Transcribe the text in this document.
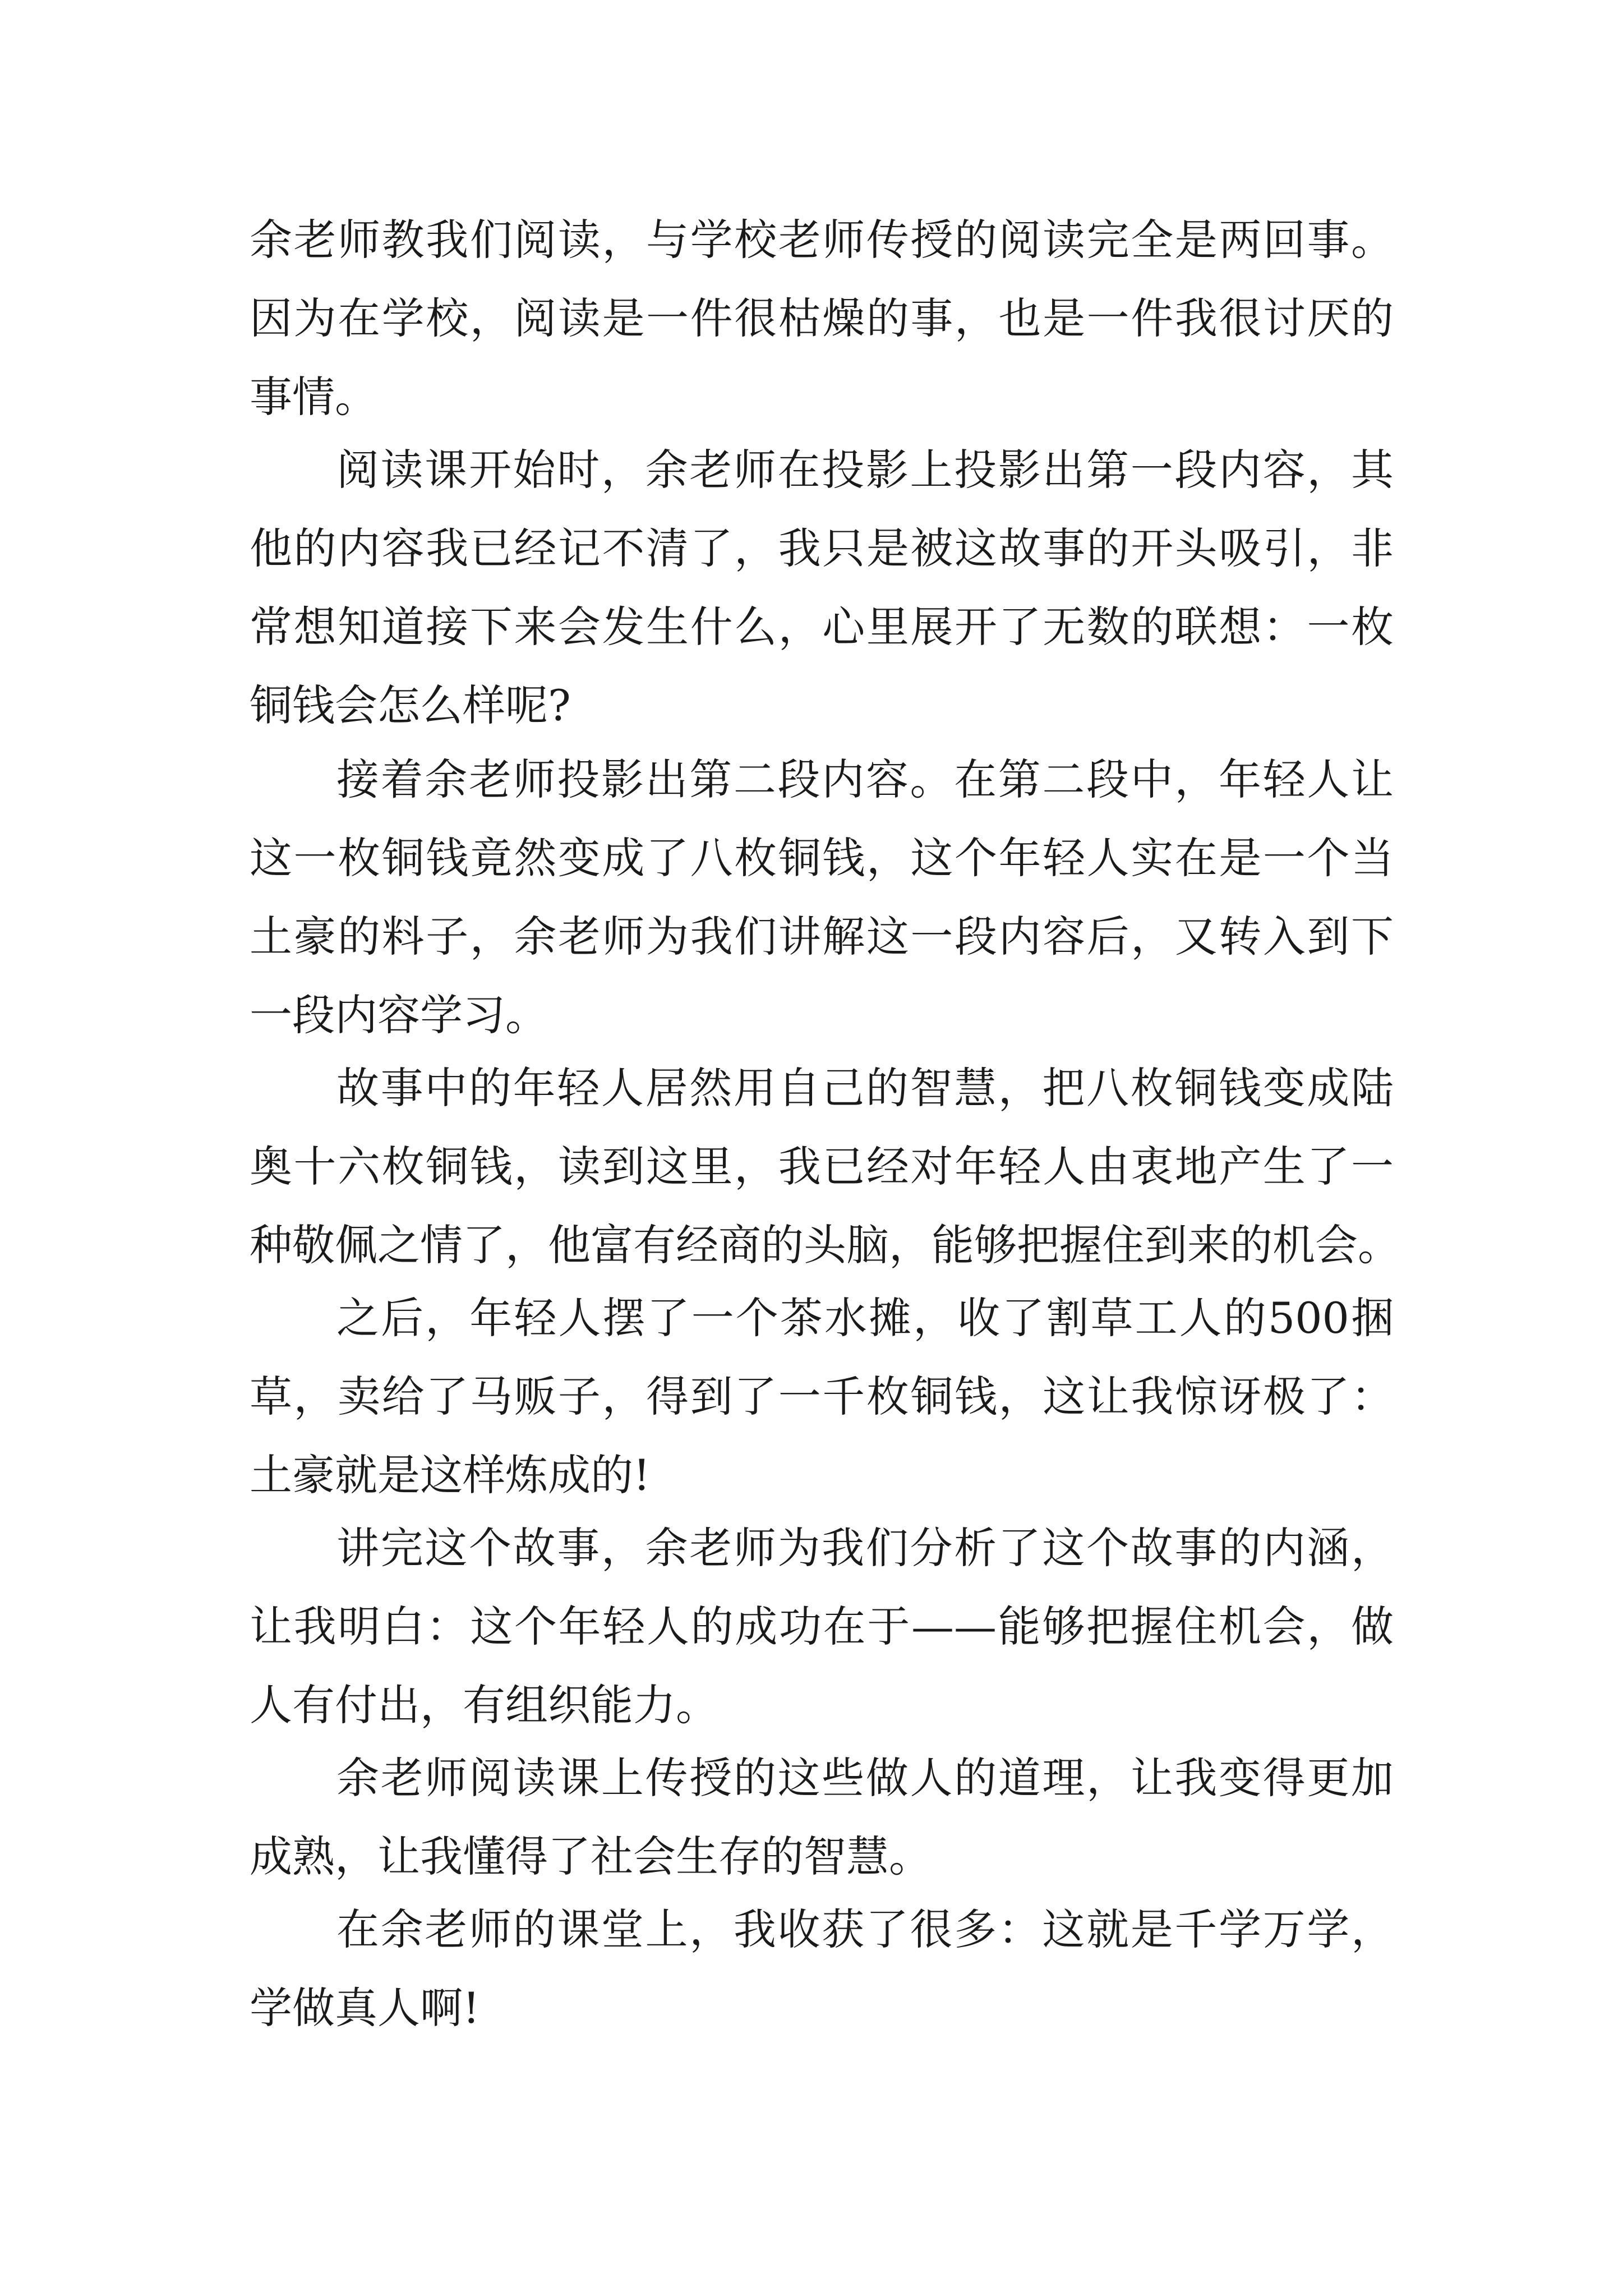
余老师教我们阅读，与学校老师传授的阅读完全是两回事。
因为在学校，阅读是一件很枯燥的事，也是一件我很讨厌的
事情。
阅读课开始时，余老师在投影上投影出第一段内容，其
他的内容我已经记不清了，我只是被这故事的开头吸引，非
常想知道接下来会发生什么，心里展开了无数的联想：一枚
铜钱会怎么样呢?
接着余老师投影出第二段内容。在第二段中，年轻人让
这一枚铜钱竟然变成了八枚铜钱，这个年轻人实在是一个当
土豪的料子，余老师为我们讲解这一段内容后，又转入到下
一段内容学习。
故事中的年轻人居然用自己的智慧，把八枚铜钱变成陆
奥十六枚铜钱，读到这里，我已经对年轻人由衷地产生了一
种敬佩之情了，他富有经商的头脑，能够把握住到来的机会。
之后，年轻人摆了一个茶水摊，收了割草工人的500捆
草，卖给了马贩子，得到了一千枚铜钱，这让我惊讶极了：
土豪就是这样炼成的!
讲完这个故事，余老师为我们分析了这个故事的内涵，
让我明白：这个年轻人的成功在于——能够把握住机会，做
人有付出，有组织能力。
余老师阅读课上传授的这些做人的道理，让我变得更加
成熟，让我懂得了社会生存的智慧。
在余老师的课堂上，我收获了很多：这就是千学万学，
学做真人啊!
